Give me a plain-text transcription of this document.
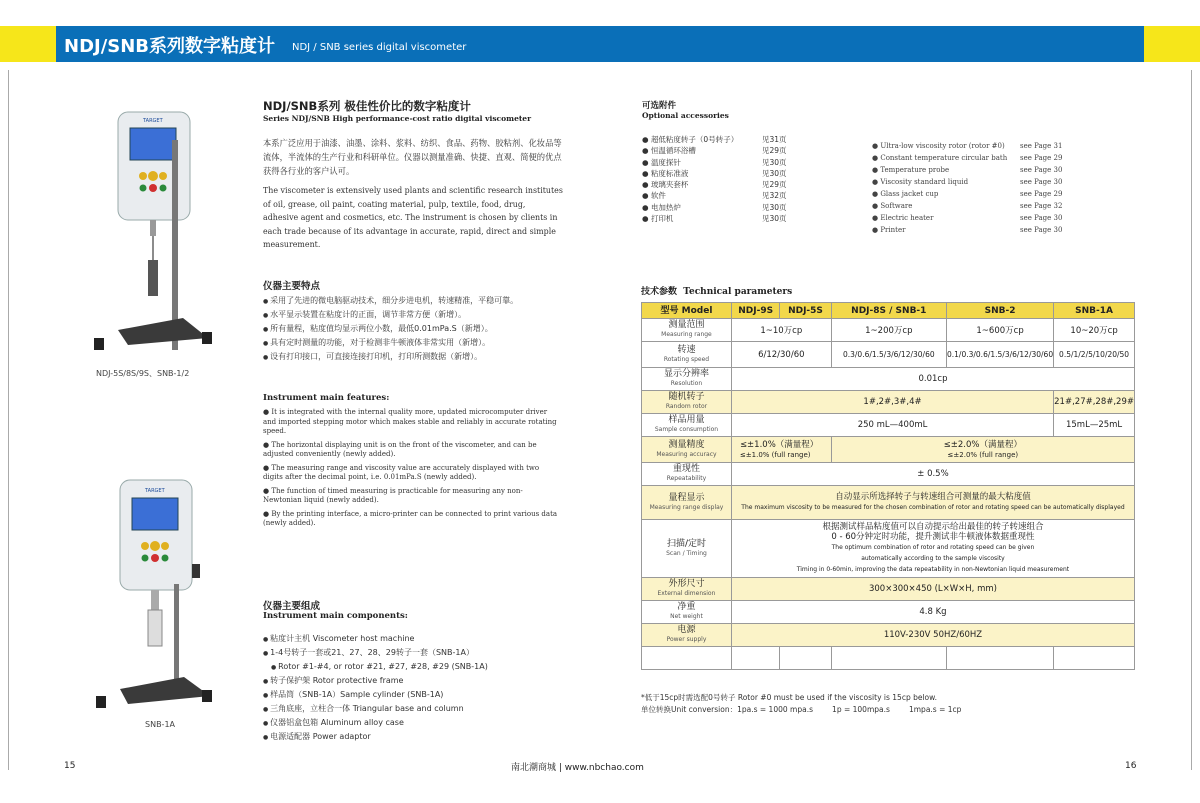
NDJ/SNB系列数字粘度计 NDJ / SNB series digital viscometer
TARGET
NDJ-5S/8S/9S、SNB-1/2
TARGET
SNB-1A
NDJ/SNB系列 极佳性价比的数字粘度计
Series NDJ/SNB High performance-cost ratio digital viscometer
本系广泛应用于油漆、油墨、涂料、浆料、纺织、食品、药物、胶粘剂、化妆品等流体，半流体的生产行业和科研单位。仪器以测量准确、快捷、直观、简便的优点获得各行业的客户认可。
The viscometer is extensively used plants and scientific research institutes of oil, grease, oil paint, coating material, pulp, textile, food, drug, adhesive agent and cosmetics, etc. The instrument is chosen by clients in each trade because of its advantage in accurate, rapid, direct and simple measurement.
仪器主要特点
● 采用了先进的微电脑驱动技术，细分步进电机，转速精准，平稳可靠。
● 水平显示装置在粘度计的正面，调节非常方便（新增）。
● 所有量程，粘度值均显示两位小数，最低0.01mPa.S（新增）。
● 具有定时测量的功能，对于检测非牛顿液体非常实用（新增）。
● 设有打印接口，可直接连接打印机，打印所测数据（新增）。
Instrument main features:
● It is integrated with the internal quality more, updated microcomputer driver and imported stepping motor which makes stable and reliably in accurate rotating speed.
● The horizontal displaying unit is on the front of the viscometer, and can be adjusted conveniently (newly added).
● The measuring range and viscosity value are accurately displayed with two digits after the decimal point, i.e. 0.01mPa.S (newly added).
● The function of timed measuring is practicable for measuring any non-Newtonian liquid (newly added).
● By the printing interface, a micro-printer can be connected to print various data (newly added).
仪器主要组成
Instrument main components:
● 粘度计主机 Viscometer host machine
● 1-4号转子一套或21、27、28、29转子一套（SNB-1A）
● Rotor #1-#4, or rotor #21, #27, #28, #29 (SNB-1A)
● 转子保护架 Rotor protective frame
● 样品筒（SNB-1A）Sample cylinder (SNB-1A)
● 三角底座，立柱合一体 Triangular base and column
● 仪器铝盒包箱 Aluminum alloy case
● 电源适配器 Power adaptor
可选附件
Optional accessories
● 超低粘度转子（0号转子）	见31页
● 恒温循环浴槽	见29页
● 温度探针	见30页
● 粘度标准液	见30页
● 玻璃夹套杯	见29页
● 软件	见32页
● 电加热炉	见30页
● 打印机	见30页
● Ultra-low viscosity rotor (rotor #0) see Page 31
● Constant temperature circular bath see Page 29
● Temperature probe	see Page 30
● Viscosity standard liquid	see Page 30
● Glass jacket cup	see Page 29
● Software	see Page 32
● Electric heater	see Page 30
● Printer	see Page 30
技术参数 Technical parameters
型号 Model	NDJ-9S	NDJ-5S	NDJ-8S / SNB-1	SNB-2	SNB-1A
测量范围
Measuring range	1~10万cp		1~200万cp	1~600万cp	10~20万cp
转速
Rotating speed	6/12/30/60		0.3/0.6/1.5/3/6/12/30/60	0.1/0.3/0.6/1.5/3/6/12/30/60	0.5/1/2/5/10/20/50
显示分辨率
Resolution	0.01cp				
随机转子
Random rotor	1#,2#,3#,4#				21#,27#,28#,29#
样品用量
Sample consumption	250 mL—400mL				15mL—25mL
测量精度
Measuring accuracy	≤±1.0%（满量程）
≤±1.0% (full range)		≤±2.0%（满量程）
≤±2.0% (full range)		
重现性
Repeatability	± 0.5%				
量程显示
Measuring range display	自动显示所选择转子与转速组合可测量的最大粘度值
The maximum viscosity to be measured for the chosen combination of rotor and rotating speed can be automatically displayed				
扫描/定时
Scan / Timing	根据测试样品粘度值可以自动提示给出最佳的转子转速组合
0 - 60分钟定时功能，提升测试非牛顿液体数据重现性
The optimum combination of rotor and rotating speed can be given
automatically according to the sample viscosity
Timing in 0-60min, improving the data repeatability in non-Newtonian liquid measurement				
外形尺寸
External dimension	300×300×450 (L×W×H, mm)				
净重
Net weight	4.8 Kg				
电源
Power supply	110V-230V 50HZ/60HZ				

*低于15cp时需选配0号转子 Rotor #0 must be used if the viscosity is 15cp below.
单位转换Unit conversion：1pa.s = 1000 mpa.s        1p = 100mpa.s        1mpa.s = 1cp
15	南北潮商城 | www.nbchao.com	16
